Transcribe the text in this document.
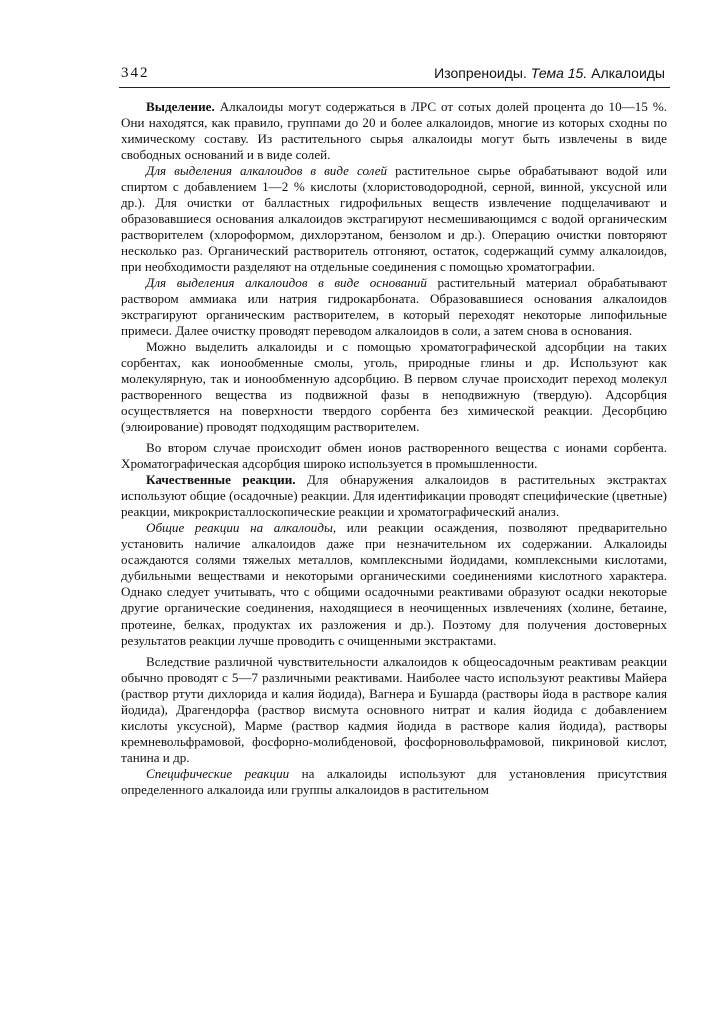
342	Изопреноиды. Тема 15. Алкалоиды

Выделение. Алкалоиды могут содержаться в ЛРС от сотых долей процента до 10—15 %. Они находятся, как правило, группами до 20 и более алкалоидов, многие из которых сходны по химическому составу. Из растительного сырья алкалоиды могут быть извлечены в виде свободных оснований и в виде солей.

Для выделения алкалоидов в виде солей растительное сырье обрабатывают водой или спиртом с добавлением 1—2 % кислоты (хлористоводородной, серной, винной, уксусной или др.). Для очистки от балластных гидрофильных веществ извлечение подщелачивают и образовавшиеся основания алкалоидов экстрагируют несмешивающимся с водой органическим растворителем (хлороформом, дихлорэтаном, бензолом и др.). Операцию очистки повторяют несколько раз. Органический растворитель отгоняют, остаток, содержащий сумму алкалоидов, при необходимости разделяют на отдельные соединения с помощью хроматографии.

Для выделения алкалоидов в виде оснований растительный материал обрабатывают раствором аммиака или натрия гидрокарбоната. Образовавшиеся основания алкалоидов экстрагируют органическим растворителем, в который переходят некоторые липофильные примеси. Далее очистку проводят переводом алкалоидов в соли, а затем снова в основания.

Можно выделить алкалоиды и с помощью хроматографической адсорбции на таких сорбентах, как ионообменные смолы, уголь, природные глины и др. Используют как молекулярную, так и ионообменную адсорбцию. В первом случае происходит переход молекул растворенного вещества из подвижной фазы в неподвижную (твердую). Адсорбция осуществляется на поверхности твердого сорбента без химической реакции. Десорбцию (элюирование) проводят подходящим растворителем.

Во втором случае происходит обмен ионов растворенного вещества с ионами сорбента. Хроматографическая адсорбция широко используется в промышленности.

Качественные реакции. Для обнаружения алкалоидов в растительных экстрактах используют общие (осадочные) реакции. Для идентификации проводят специфические (цветные) реакции, микрокристаллоскопические реакции и хроматографический анализ.

Общие реакции на алкалоиды, или реакции осаждения, позволяют предварительно установить наличие алкалоидов даже при незначительном их содержании. Алкалоиды осаждаются солями тяжелых металлов, комплексными йодидами, комплексными кислотами, дубильными веществами и некоторыми органическими соединениями кислотного характера. Однако следует учитывать, что с общими осадочными реактивами образуют осадки некоторые другие органические соединения, находящиеся в неочищенных извлечениях (холине, бетаине, протеине, белках, продуктах их разложения и др.). Поэтому для получения достоверных результатов реакции лучше проводить с очищенными экстрактами.

Вследствие различной чувствительности алкалоидов к общеосадочным реактивам реакции обычно проводят с 5—7 различными реактивами. Наиболее часто используют реактивы Майера (раствор ртути дихлорида и калия йодида), Вагнера и Бушарда (растворы йода в растворе калия йодида), Драгендорфа (раствор висмута основного нитрат и калия йодида с добавлением кислоты уксусной), Марме (раствор кадмия йодида в растворе калия йодида), растворы кремневольфрамовой, фосфорно-молибденовой, фосфорновольфрамовой, пикриновой кислот, танина и др.

Специфические реакции на алкалоиды используют для установления присутствия определенного алкалоида или группы алкалоидов в растительном
